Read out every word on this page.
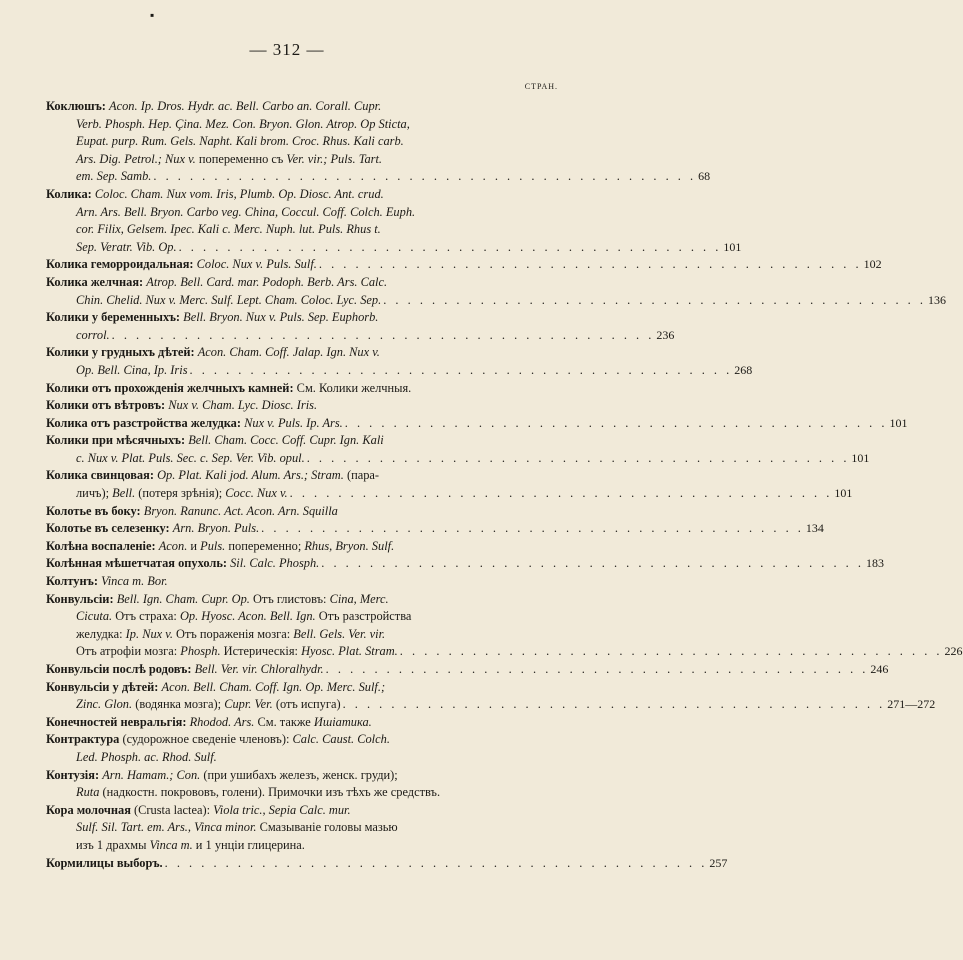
▪
— 312 —
СТРАН.
Коклюшъ: Acon. Ip. Dros. Hydr. ac. Bell. Carbo an. Corall. Cupr.
Verb. Phosph. Hep. Çina. Mez. Con. Bryon. Glon. Atrop. Op Sticta,
Eupat. purp. Rum. Gels. Napht. Kali brom. Croc. Rhus. Kali carb.
Ars. Dig. Petrol.; Nux v. попеременно съ Ver. vir.; Puls. Tart.
em. Sep. Samb. . . . . . . . . . . . . . . . . . . . . . . . . . . . . . . . . . . . . . . . . . . . . . 68
Колика: Coloc. Cham. Nux vom. Iris, Plumb. Op. Diosc. Ant. crud.
Arn. Ars. Bell. Bryon. Carbo veg. China, Coccul. Coff. Colch. Euph.
cor. Filix, Gelsem. Ipec. Kali c. Merc. Nuph. lut. Puls. Rhus t.
Sep. Veratr. Vib. Op. . . . . . . . . . . . . . . . . . . . . . . . . . . . . . . . . . . . . . . . . . . . . . 101
Колика геморроидальная: Coloc. Nux v. Puls. Sulf. . . . . . . . . . . . . . . . . . . . . . . . . . . . . . . . . . . . . . . . . . . . . . 102
Колика желчная: Atrop. Bell. Card. mar. Podoph. Berb. Ars. Calc.
Chin. Chelid. Nux v. Merc. Sulf. Lept. Cham. Coloc. Lyc. Sep. . . . . . . . . . . . . . . . . . . . . . . . . . . . . . . . . . . . . . . . . . . . . . 136
Колики у беременныхъ: Bell. Bryon. Nux v. Puls. Sep. Euphorb.
corrol. . . . . . . . . . . . . . . . . . . . . . . . . . . . . . . . . . . . . . . . . . . . . . 236
Колики у грудныхъ дѣтей: Acon. Cham. Coff. Jalap. Ign. Nux v.
Op. Bell. Cina, Ip. Iris . . . . . . . . . . . . . . . . . . . . . . . . . . . . . . . . . . . . . . . . . . . . . 268
Колики отъ прохожденія желчныхъ камней: См. Колики желчныя.
Колики отъ вѣтровъ: Nux v. Cham. Lyc. Diosc. Iris.
Колика отъ разстройства желудка: Nux v. Puls. Ip. Ars. . . . . . . . . . . . . . . . . . . . . . . . . . . . . . . . . . . . . . . . . . . . . . 101
Колики при мѣсячныхъ: Bell. Cham. Cocc. Coff. Cupr. Ign. Kali
c. Nux v. Plat. Puls. Sec. c. Sep. Ver. Vib. opul. . . . . . . . . . . . . . . . . . . . . . . . . . . . . . . . . . . . . . . . . . . . . . 101
Колика свинцовая: Op. Plat. Kali jod. Alum. Ars.; Stram. (пара-
личъ); Bell. (потеря зрѣнія); Cocc. Nux v. . . . . . . . . . . . . . . . . . . . . . . . . . . . . . . . . . . . . . . . . . . . . . 101
Колотье въ боку: Bryon. Ranunc. Act. Acon. Arn. Squilla
Колотье въ селезенку: Arn. Bryon. Puls. . . . . . . . . . . . . . . . . . . . . . . . . . . . . . . . . . . . . . . . . . . . . . 134
Колѣна воспаленіе: Acon. и Puls. попеременно; Rhus, Bryon. Sulf.
Колѣнная мѣшетчатая опухоль: Sil. Calc. Phosph. . . . . . . . . . . . . . . . . . . . . . . . . . . . . . . . . . . . . . . . . . . . . . 183
Колтунъ: Vinca m. Bor.
Конвульсіи: Bell. Ign. Cham. Cupr. Op. Отъ глистовъ: Cina, Merc.
Cicuta. Отъ страха: Op. Hyosc. Acon. Bell. Ign. Отъ разстройства
желудка: Ip. Nux v. Отъ пораженія мозга: Bell. Gels. Ver. vir.
Отъ атрофіи мозга: Phosph. Истерическія: Hyosc. Plat. Stram. . . . . . . . . . . . . . . . . . . . . . . . . . . . . . . . . . . . . . . . . . . . . . 226
Конвульсіи послѣ родовъ: Bell. Ver. vir. Chloralhydr. . . . . . . . . . . . . . . . . . . . . . . . . . . . . . . . . . . . . . . . . . . . . . 246
Конвульсіи у дѣтей: Acon. Bell. Cham. Coff. Ign. Op. Merc. Sulf.;
Zinc. Glon. (водянка мозга); Cupr. Ver. (отъ испуга) . . . . . . . . . . . . . . . . . . . . . . . . . . . . . . . . . . . . . . . . . . . . . 271—272
Конечностей невральгія: Rhodod. Ars. См. также Ишіатика.
Контрактура (судорожное сведеніе членовъ): Calc. Caust. Colch.
Led. Phosph. ac. Rhod. Sulf.
Контузія: Arn. Hamam.; Con. (при ушибахъ железъ, женск. груди);
Ruta (надкостн. покрововъ, голени). Примочки изъ тѣхъ же средствъ.
Кора молочная (Crusta lactea): Viola tric., Sepia Calc. mur.
Sulf. Sil. Tart. em. Ars., Vinca minor. Смазываніе головы мазью
изъ 1 драхмы Vinca m. и 1 унціи глицерина.
Кормилицы выборъ. . . . . . . . . . . . . . . . . . . . . . . . . . . . . . . . . . . . . . . . . . . . . . 257
